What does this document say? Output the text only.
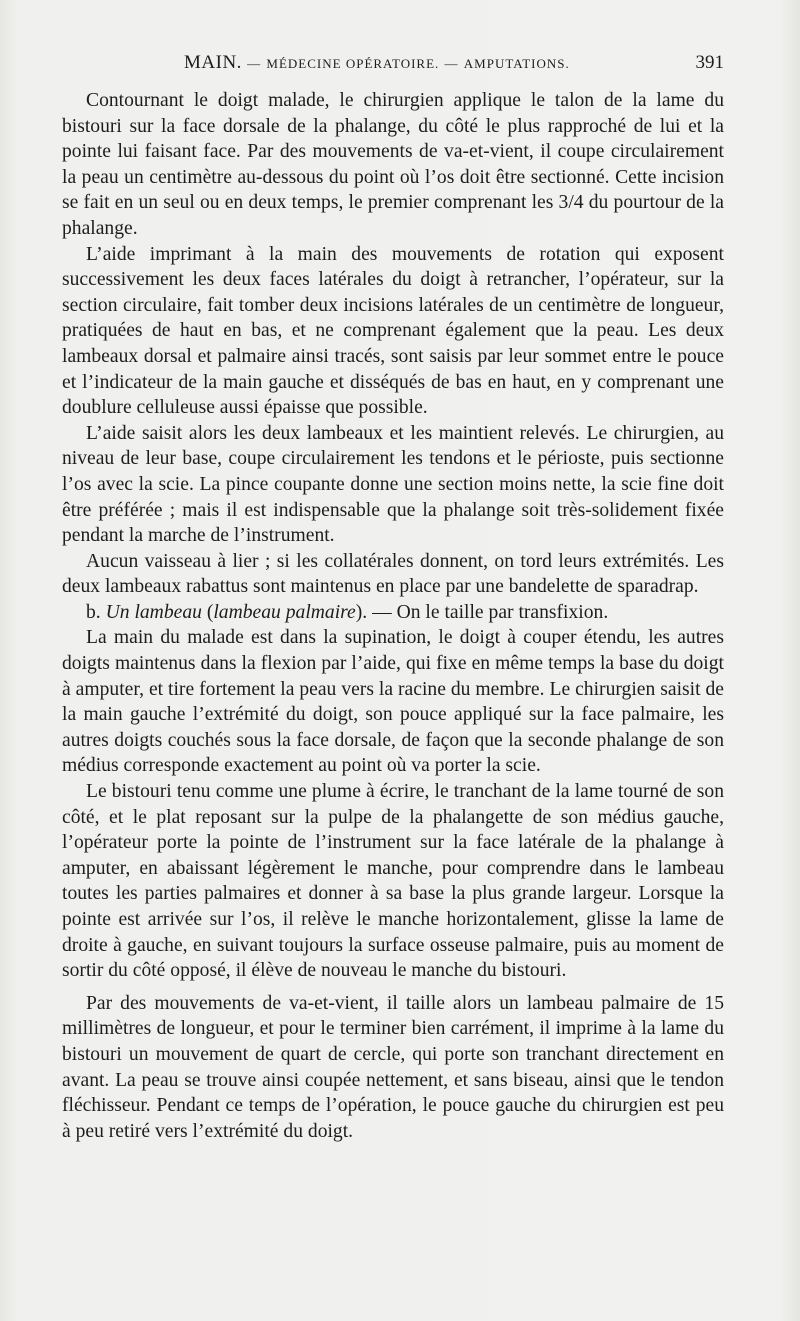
MAIN. — MÉDECINE OPÉRATOIRE. — AMPUTATIONS.	391

Contournant le doigt malade, le chirurgien applique le talon de la lame du bistouri sur la face dorsale de la phalange, du côté le plus rapproché de lui et la pointe lui faisant face. Par des mouvements de va-et-vient, il coupe circulairement la peau un centimètre au-dessous du point où l’os doit être sectionné. Cette incision se fait en un seul ou en deux temps, le premier comprenant les 3/4 du pourtour de la phalange.

L’aide imprimant à la main des mouvements de rotation qui exposent successivement les deux faces latérales du doigt à retrancher, l’opérateur, sur la section circulaire, fait tomber deux incisions latérales de un centimètre de longueur, pratiquées de haut en bas, et ne comprenant également que la peau. Les deux lambeaux dorsal et palmaire ainsi tracés, sont saisis par leur sommet entre le pouce et l’indicateur de la main gauche et disséqués de bas en haut, en y comprenant une doublure celluleuse aussi épaisse que possible.

L’aide saisit alors les deux lambeaux et les maintient relevés. Le chirurgien, au niveau de leur base, coupe circulairement les tendons et le périoste, puis sectionne l’os avec la scie. La pince coupante donne une section moins nette, la scie fine doit être préférée ; mais il est indispensable que la phalange soit très-solidement fixée pendant la marche de l’instrument.

Aucun vaisseau à lier ; si les collatérales donnent, on tord leurs extrémités. Les deux lambeaux rabattus sont maintenus en place par une bandelette de sparadrap.

b. Un lambeau (lambeau palmaire). — On le taille par transfixion.

La main du malade est dans la supination, le doigt à couper étendu, les autres doigts maintenus dans la flexion par l’aide, qui fixe en même temps la base du doigt à amputer, et tire fortement la peau vers la racine du membre. Le chirurgien saisit de la main gauche l’extrémité du doigt, son pouce appliqué sur la face palmaire, les autres doigts couchés sous la face dorsale, de façon que la seconde phalange de son médius corresponde exactement au point où va porter la scie.

Le bistouri tenu comme une plume à écrire, le tranchant de la lame tourné de son côté, et le plat reposant sur la pulpe de la phalangette de son médius gauche, l’opérateur porte la pointe de l’instrument sur la face latérale de la phalange à amputer, en abaissant légèrement le manche, pour comprendre dans le lambeau toutes les parties palmaires et donner à sa base la plus grande largeur. Lorsque la pointe est arrivée sur l’os, il relève le manche horizontalement, glisse la lame de droite à gauche, en suivant toujours la surface osseuse palmaire, puis au moment de sortir du côté opposé, il élève de nouveau le manche du bistouri.

Par des mouvements de va-et-vient, il taille alors un lambeau palmaire de 15 millimètres de longueur, et pour le terminer bien carrément, il imprime à la lame du bistouri un mouvement de quart de cercle, qui porte son tranchant directement en avant. La peau se trouve ainsi coupée nettement, et sans biseau, ainsi que le tendon fléchisseur. Pendant ce temps de l’opération, le pouce gauche du chirurgien est peu à peu retiré vers l’extrémité du doigt.
